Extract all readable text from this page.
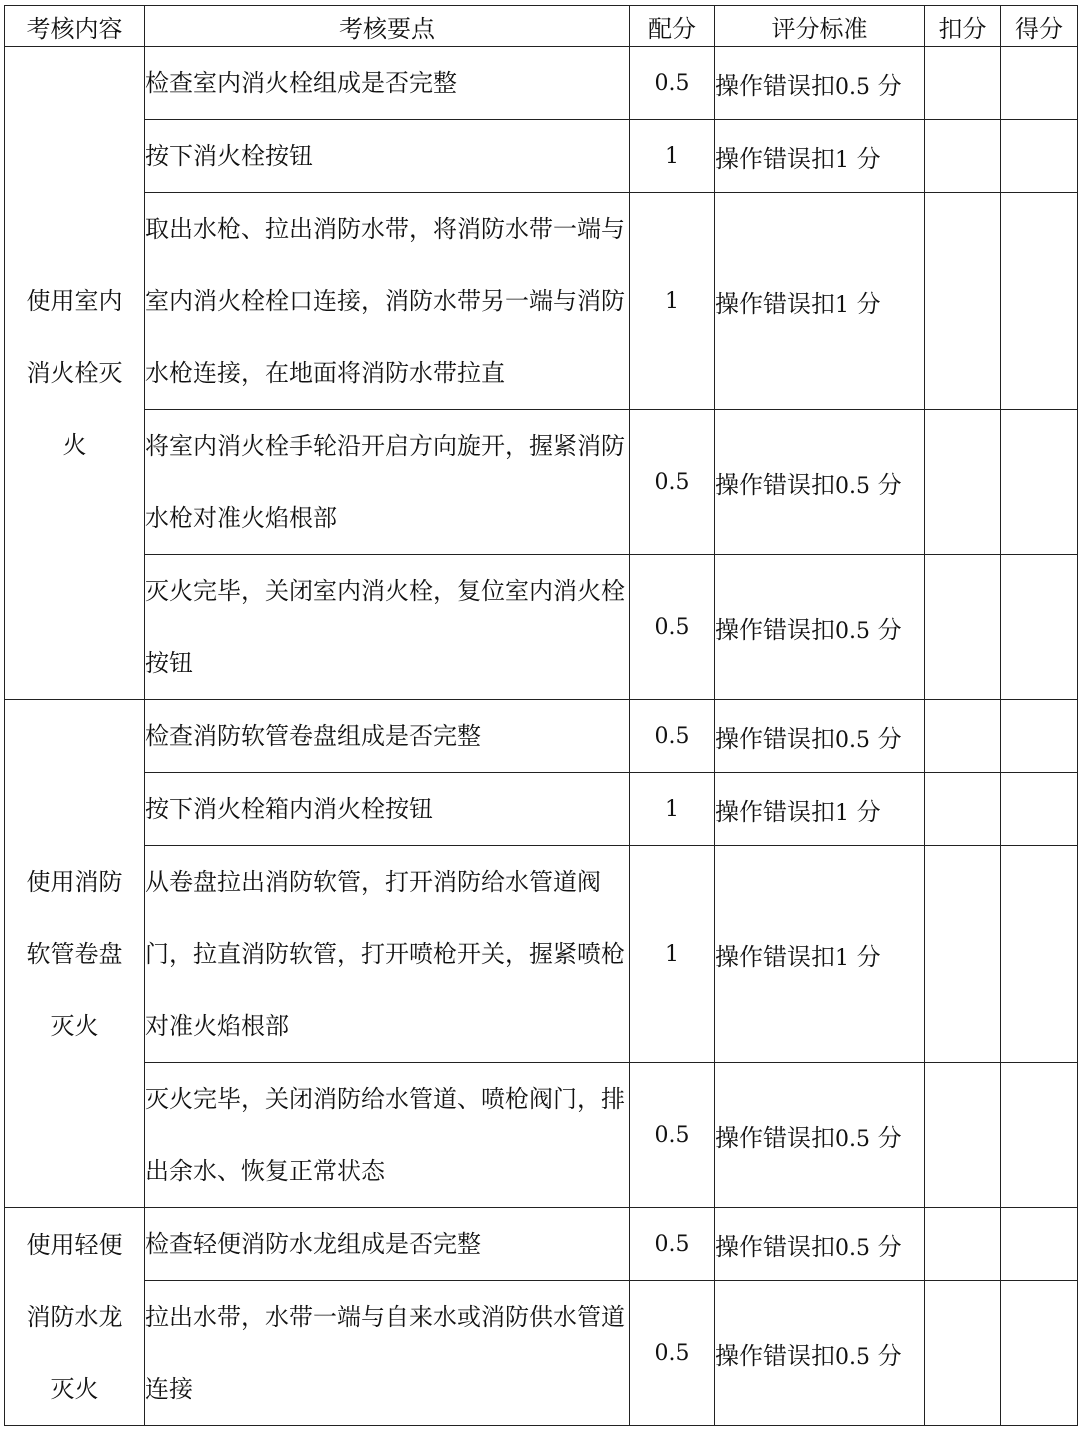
考核内容	考核要点	配分	评分标准	扣分	得分

使用室内
消火栓灭
火	检查室内消火栓组成是否完整	0.5	操作错误扣0.5 分		
	按下消火栓按钮	1	操作错误扣1 分		
	取出水枪、拉出消防水带，将消防水带一端与室内消火栓栓口连接，消防水带另一端与消防水枪连接，在地面将消防水带拉直	1	操作错误扣1 分		
	将室内消火栓手轮沿开启方向旋开，握紧消防水枪对准火焰根部	0.5	操作错误扣0.5 分		
	灭火完毕，关闭室内消火栓，复位室内消火栓按钮	0.5	操作错误扣0.5 分		

使用消防
软管卷盘
灭火	检查消防软管卷盘组成是否完整	0.5	操作错误扣0.5 分		
	按下消火栓箱内消火栓按钮	1	操作错误扣1 分		
	从卷盘拉出消防软管，打开消防给水管道阀门，拉直消防软管，打开喷枪开关，握紧喷枪对准火焰根部	1	操作错误扣1 分		
	灭火完毕，关闭消防给水管道、喷枪阀门，排出余水、恢复正常状态	0.5	操作错误扣0.5 分		

使用轻便
消防水龙
灭火	检查轻便消防水龙组成是否完整	0.5	操作错误扣0.5 分		
	拉出水带，水带一端与自来水或消防供水管道连接	0.5	操作错误扣0.5 分		
